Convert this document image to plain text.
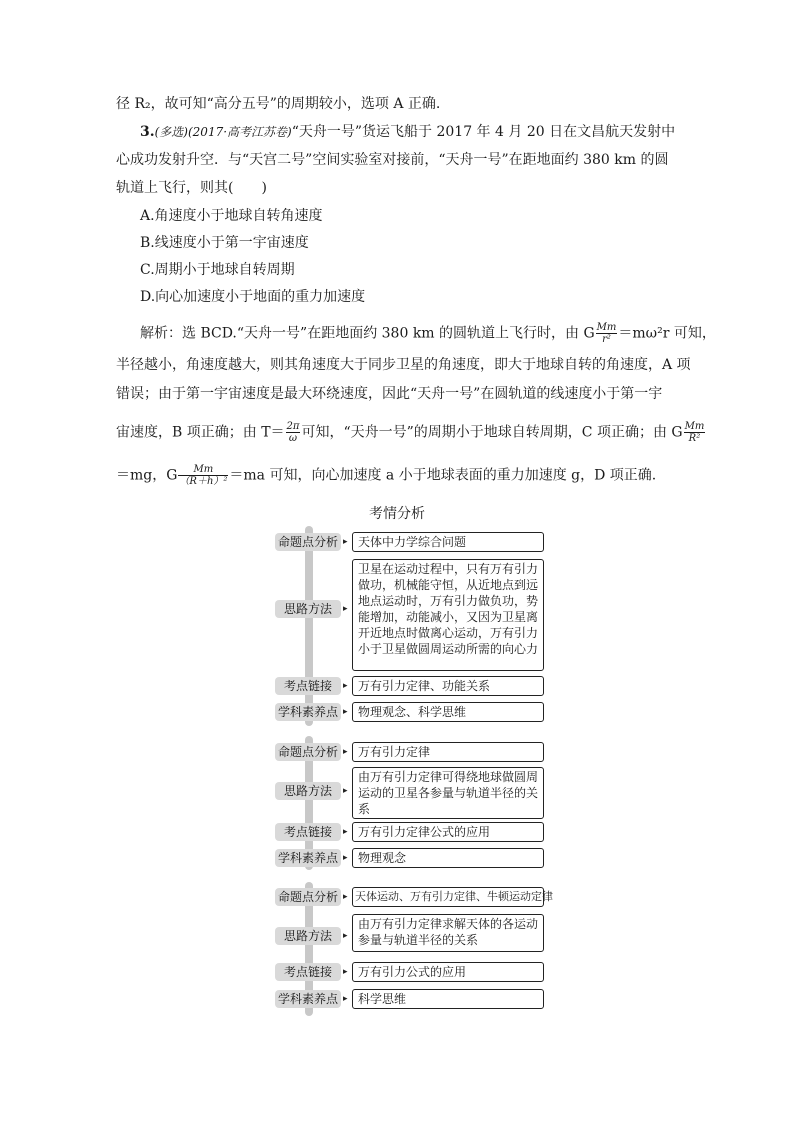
径 R₂，故可知“高分五号”的周期较小，选项 A 正确.
3.(多选)(2017·高考江苏卷)“天舟一号”货运飞船于 2017 年 4 月 20 日在文昌航天发射中
心成功发射升空．与“天宫二号”空间实验室对接前，“天舟一号”在距地面约 380 km 的圆
轨道上飞行，则其(　　)
A.角速度小于地球自转角速度
B.线速度小于第一宇宙速度
C.周期小于地球自转周期
D.向心加速度小于地面的重力加速度
解析：选 BCD.“天舟一号”在距地面约 380 km 的圆轨道上飞行时，由 G $\frac{Mm}{\text{r²}} =m\omega^2r$ 可知，
半径越小，角速度越大，则其角速度大于同步卫星的角速度，即大于地球自转的角速度，A 项
错误；由于第一宇宙速度是最大环绕速度，因此“天舟一号”在圆轨道的线速度小于第一宇
宙速度，B 项正确；由 $T= \frac{2\pi}{\omega}$ 可知，“天舟一号”的周期小于地球自转周期，C 项正确；由 G $\frac{Mm}{\text{R²}}$
＝mg，G $\frac{Mm}{\text{（R＋h）²}} =ma$ 可知，向心加速度 a 小于地球表面的重力加速度 g，D 项正确.
考情分析
命题点分析 ▸ 天体中力学综合问题
思路方法	▸
卫星在运动过程中，只有万有引力做功，机械能守恒，从近地点到远地点运动时，万有引力做负功，势能增加，动能减小，又因为卫星离开近地点时做离心运动，万有引力小于卫星做圆周运动所需的向心力
考点链接	▸ 万有引力定律、功能关系
学科素养点 ▸ 物理观念、科学思维
命题点分析 ▸ 万有引力定律
思路方法	▸
由万有引力定律可得绕地球做圆周运动的卫星各参量与轨道半径的关系
考点链接	▸ 万有引力定律公式的应用
学科素养点 ▸ 物理观念
命题点分析 ▸ 天体运动、万有引力定律、牛顿运动定律
思路方法	▸
由万有引力定律求解天体的各运动参量与轨道半径的关系
考点链接	▸ 万有引力公式的应用
学科素养点 ▸ 科学思维
